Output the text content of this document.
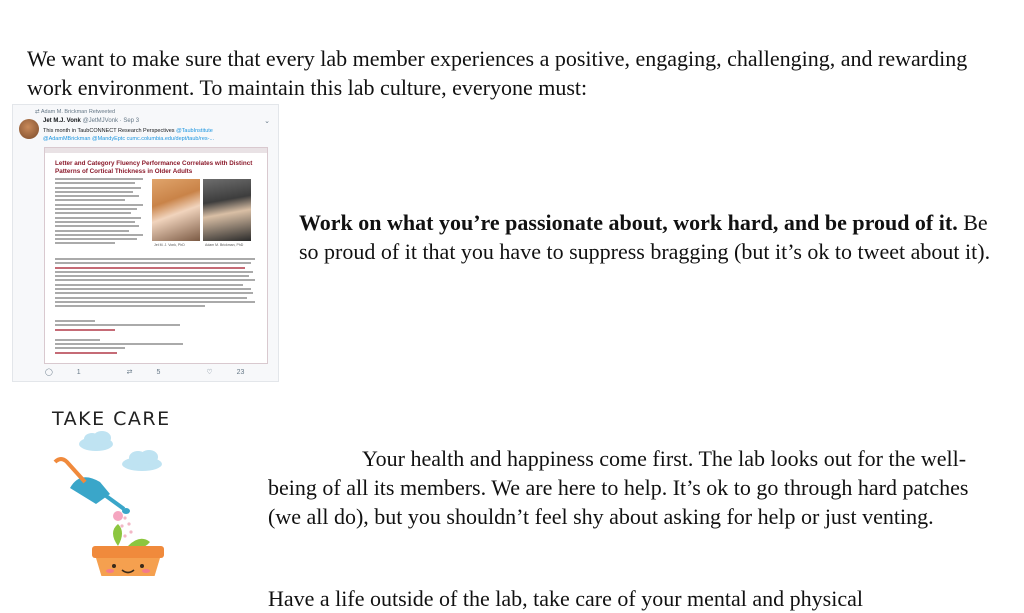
We want to make sure that every lab member experiences a positive, engaging, challenging, and rewarding work environment. To maintain this lab culture, everyone must:

⇄ Adam M. Brickman Retweeted
Jet M.J. Vonk @JetMJVonk · Sep 3	⌄
This month in TaubCONNECT Research Perspectives @TaubInstitute
@AdamMBrickman @MandyEptc cumc.columbia.edu/dept/taub/res-...
Letter and Category Fluency Performance Correlates with Distinct Patterns of Cortical Thickness in Older Adults
Jet M. J. Vonk, PhD	Adam M. Brickman, PhD
◯	1	⇄	5	♡	23

Work on what you’re passionate about, work hard, and be proud of it. Be so proud of it that you have to suppress bragging (but it’s ok to tweet about it).

TAKE CARE

Your health and happiness come first. The lab looks out for the well-being of all its members. We are here to help. It’s ok to go through hard patches (we all do), but you shouldn’t feel shy about asking for help or just venting.

Have a life outside of the lab, take care of your mental and physical
